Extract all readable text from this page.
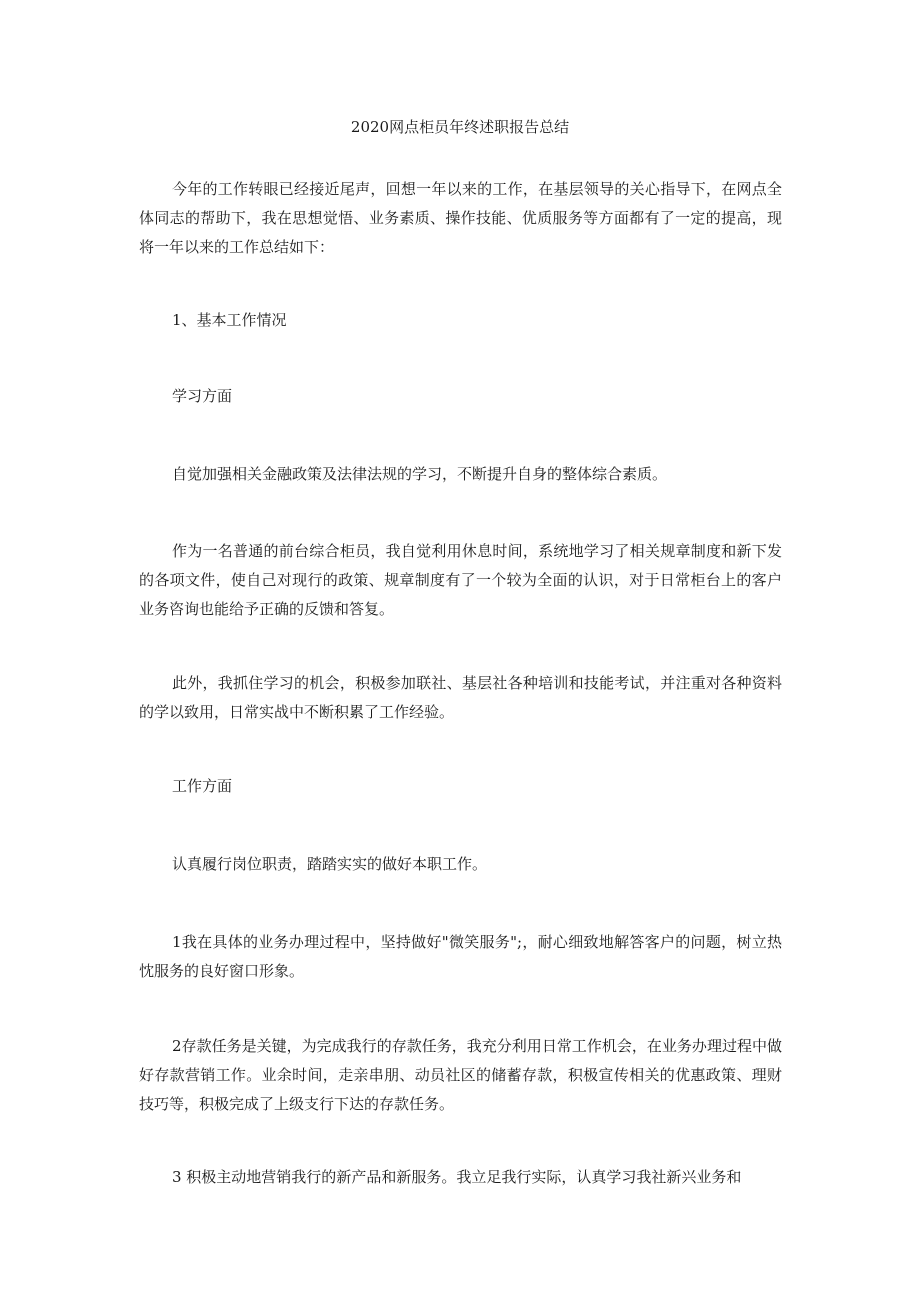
2020网点柜员年终述职报告总结

今年的工作转眼已经接近尾声，回想一年以来的工作，在基层领导的关心指导下，在网点全体同志的帮助下，我在思想觉悟、业务素质、操作技能、优质服务等方面都有了一定的提高，现将一年以来的工作总结如下：

1、基本工作情况

学习方面

自觉加强相关金融政策及法律法规的学习，不断提升自身的整体综合素质。

作为一名普通的前台综合柜员，我自觉利用休息时间，系统地学习了相关规章制度和新下发的各项文件，使自己对现行的政策、规章制度有了一个较为全面的认识，对于日常柜台上的客户业务咨询也能给予正确的反馈和答复。

此外，我抓住学习的机会，积极参加联社、基层社各种培训和技能考试，并注重对各种资料的学以致用，日常实战中不断积累了工作经验。

工作方面

认真履行岗位职责，踏踏实实的做好本职工作。

1我在具体的业务办理过程中，坚持做好"微笑服务";，耐心细致地解答客户的问题，树立热忱服务的良好窗口形象。

2存款任务是关键，为完成我行的存款任务，我充分利用日常工作机会，在业务办理过程中做好存款营销工作。业余时间，走亲串朋、动员社区的储蓄存款，积极宣传相关的优惠政策、理财技巧等，积极完成了上级支行下达的存款任务。

3 积极主动地营销我行的新产品和新服务。我立足我行实际，认真学习我社新兴业务和
